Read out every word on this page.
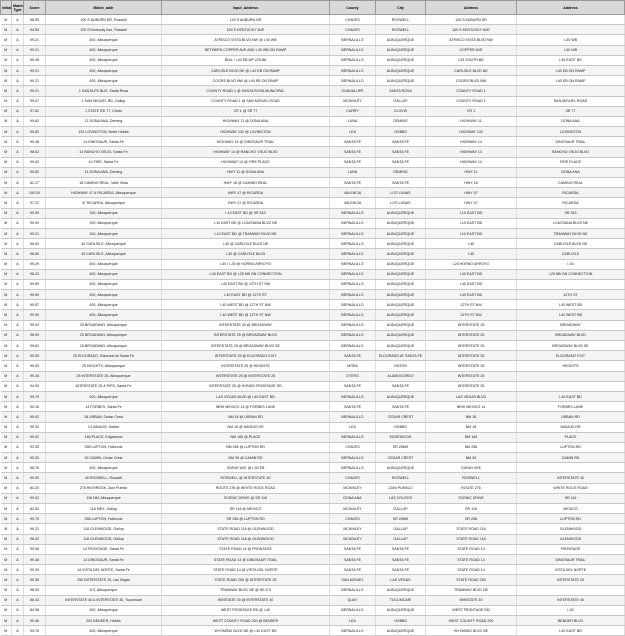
Initial	Match Type	Score	Match_addr	Input_Address	County	City	Address	Address	
M	A	98.55	100 S AUBURN DR, Roswell	100 S AUBURN DR	CHAVES	ROSWELL	100 S AUBURN DR		
M	A	94.55	100 S Kentucky Ave, Roswell	100 S KENTUCKY AVE	CHAVES	ROSWELL	100 S KENTUCKY AVE		
M	A	99.21	400, Albuquerque	ATRISCO VISTA BLVD NW @ I-40 WB	BERNALILLO	ALBUQUERQUE	ATRISCO VISTA BLVD NW	I-40 WB	
M	A	99.21	400, Albuquerque	BETWEEN COPPER AVE AND I-40 WB ON RAMP	BERNALILLO	ALBUQUERQUE	COPPER AVE	I-40 WB	
M	A	99.46	400, Albuquerque	BIAL / I-40 EB MP 225-88	BERNALILLO	ALBUQUERQUE	I-25 SOUTH BD	I-40 EAST BD	
M	A	99.21	400, Albuquerque	CARLISLE BLVD NE @ I-40 EB ON RAMP	BERNALILLO	ALBUQUERQUE	CARLISLE BLVD NE	I-40 EB ON RAMP	
M	A	99.21	400, Albuquerque	COORS BLVD NW @ I-40 EB ON RAMP	BERNALILLO	ALBUQUERQUE	COORS BLVD NW	I-40 EB ON RAMP	
M	A	99.21	1 SANTA FE BUS, Santa Rosa	COUNTY ROAD 1 @ SANTA ROSA MUNICIPAL	GUADALUPE	SANTA ROSA	COUNTY ROAD 1		
M	A	99.07	1 SAN MIGUEL RD, Gallup	COUNTY ROAD 1 @ SAN MIGUEL ROAD	MCKINLEY	GALLUP	COUNTY ROAD 1	SAN MIGUEL ROAD	
M	A	97.62	1 STATE RD 77, Clovis	CR 1 @ SR 77	CURRY	CLOVIS	CR 1	SR 77	
M	A	99.82	11 DONA ANA, Deming	HIGHWAY 11 @ DONA ANA	LUNA	DEMING	HIGHWAY 11	DONA ANA	
M	A	99.62	132 LOVINGTON, North Hobbs	HIGHWAY 132 @ LOVINGTON	LEA	HOBBS	HIGHWAY 132	LOVINGTON	
M	A	99.46	14 DINOSAUR, Santa Fe	HIGHWAY 14 @ DINOSAUR TRAIL	SANTA FE	SANTA FE	HIGHWAY 14	DINOSAUR TRAIL	
M	A	98.62	14 RANCHO VIEJO, Santa Fe	HIGHWAY 14 @ RANCHO VIEJO BLVD	SANTA FE	SANTA FE	HIGHWAY 14	RANCHO VIEJO BLVD	
M	A	99.42	14 FIRE, Santa Fe	HIGHWAY 14 @ FIRE PLACE	SANTA FE	SANTA FE	HIGHWAY 14	FIRE PLACE	
M	A	99.82	11 DONA ANA, Deming	HWY 11 @ DONA ANA	LUNA	DEMING	HWY 11	DONA ANA	
M	A	82.27	18 CAMINO REAL, Valle Vista	HWY 18 @ CAMINO REAL	SANTA FE	SANTA FE	HWY 18	CAMINO REAL	
M	A	100.00	HIGHWAY 47 & RICARDA, Albuquerque	HWY 47 @ RICARDA	VALENCIA	LOS LUNAS	HWY 47	RICARDA	
M	A	97.22	47 RICARDA, Albuquerque	HWY 47 @ RICARDA	VALENCIA	LOS LUNAS	HWY 47	RICARDA	
M	A	99.09	100, Albuquerque	I-10 EAST BD @ SR 343	BERNALILLO	ALBUQUERQUE	I-10 EAST BD	SR 343	
M	A	99.09	100, Albuquerque	I-10 EAST BD @ LOUISIANA BLVD NE	BERNALILLO	ALBUQUERQUE	I-10 EAST BD	LOUISIANA BLVD NE	
M	A	99.21	100, Albuquerque	I-10 EAST BD @ TRAMWAY BLVD NE	BERNALILLO	ALBUQUERQUE	I-10 EAST BD	TRAMWAY BLVD NE	
M	A	96.60	40 CARLISLE, Albuquerque	I-40 @ CARLISLE BLVD NE	BERNALILLO	ALBUQUERQUE	I-40	CARLISLE BLVD NE	
M	A	98.80	40 CARLISLE, Albuquerque	I-40 @ CARLISLE BLVD	BERNALILLO	ALBUQUERQUE	I-40	CARLISLE	
M	A	99.29	400, Albuquerque	I-40 / I-25 @ HORNO ARROYO	BERNALILLO	ALBUQUERQUE	I-25 HORNO ARROYO	I-40	
M	A	98.23	400, Albuquerque	I-40 EAST BD @ I-25 NB ON CONNECTION	BERNALILLO	ALBUQUERQUE	I-40 EAST BD	I-25 NB ON CONNECTION	
M	A	99.89	400, Albuquerque	I-40 EAST BD @ 12TH ST NW	BERNALILLO	ALBUQUERQUE	I-40 EAST BD		
M	A	99.69	400, Albuquerque	I-40 EAST BD @ 12TH ST	BERNALILLO	ALBUQUERQUE	I-40 EAST BD	12TH ST	
M	A	99.57	400, Albuquerque	I-40 WEST BD @ 12TH ST NW	BERNALILLO	ALBUQUERQUE	12TH ST NW	I-40 WEST BD	
M	A	99.90	400, Albuquerque	I-40 WEST BD @ 12TH ST NW	BERNALILLO	ALBUQUERQUE	12TH ST NW	I-40 WEST BD	
M	A	99.03	25 BROADWAY, Albuquerque	INTERSTATE 25 @ BROADWAY	BERNALILLO	ALBUQUERQUE	INTERSTATE 25	BROADWAY	
M	A	98.90	25 BROADWAY, Albuquerque	INTERSTATE 25 @ BROADWAY BLVD	BERNALILLO	ALBUQUERQUE	INTERSTATE 25	BROADWAY BLVD	
M	A	99.63	25 BROADWAY, Albuquerque	INTERSTATE 25 @ BROADWAY BLVD SE	BERNALILLO	ALBUQUERQUE	INTERSTATE 25	BROADWAY BLVD SE	
M	A	99.05	25 ELDORADO, Eldorado at Santa Fe	INTERSTATE 25 @ ELDORADO EXIT	SANTA FE	ELDORADO AT SANTA FE	INTERSTATE 25	ELDORADO EXIT	
M	A	99.05	25 HEIGHTS, Albuquerque	INTERSTATE 25 @ HEIGHTS	MORA	RATON	INTERSTATE 25	HEIGHTS	
M	A	99.28	25 INTERSTATE 25, Albuquerque	INTERSTATE 25 @ INTERSTATE 25	OTERO	ALAMOGORDO	INTERSTATE 25		
M	A	94.09	INTERSTATE 25 & PIPS, Santa Fe	INTERSTATE 25 @ HONDO FRONTAGE RD	SANTA FE	SANTA FE	INTERSTATE 25		
M	A	99.79	400, Albuquerque	LAS VEGAS BLVD @ I-40 EAST BD	BERNALILLO	ALBUQUERQUE	LAS VEGAS BLVD	I-40 EAST BD	
M	A	99.16	14 FORBES, Santa Fe	NEW MEXICO 14 @ FORBES LANE	SANTA FE	SANTA FE	NEW MEXICO 14	FORBES LANE	
M	A	99.02	18 URBAN, Cedar Crest	NM 18 @ URBAN RD	BERNALILLO	CEDAR CREST	NM 18	URBAN RD	
M	A	99.32	14 NAVAJO, Hobbs	NM 18 @ NAVAJO DR	LEA	HOBBS	NM 18	NAVAJO DR	
M	A	99.02	165 PLACE, Edgewood	NM 165 @ PLACE	BERNALILLO	EDGEWOOD	NM 165	PLACE	
M	A	92.05	256 LUPTON, Holbrook	NM 256 @ LUPTON RD	CHAVES	SR 256W	NM 256	LUPTON RD	
M	A	99.20	39 CAMIN, Cedar Crest	NM 39 @ CAMIN RD	BERNALILLO	CEDAR CREST	NM 39	CAMIN RD	
M	A	96.76	400, Albuquerque	OURAY AVE @ I-40 EB	BERNALILLO	ALBUQUERQUE	OURAY AVE		
M	A	99.00	40 ROSWELL, Roswell	ROSWELL @ INTERSTATE 40	CHAVES	ROSWELL	ROSWELL	INTERSTATE 40	
M	A	83.20	276 HIGHROCK, Zuni Pueblo	ROUTE 276 @ WHITE ROCK ROAD	MCKINLEY	ZUNI PUEBLO	ROUTE 276	WHITE ROCK ROAD	
M	A	99.02	116 NM, Albuquerque	SCENIC DRIVE @ SR 116	DONA ANA	LAS CRUCES	SCENIC DRIVE	SR 116	
M	A	82.63	118 MEX, Gallup	SR 118 @ MEXICO	MCKINLEY	GALLUP	SR 118	MEXICO	
M	A	99.70	256 LUPTON, Holbrook	SR 256 @ LUPTON RD	CHAVES	SR 256W	SR 256	LUPTON RD	
M	A	99.21	118 GLENWOOD, Gallup	STATE ROAD 118 @ GLENWOOD	MCKINLEY	GALLUP	STATE ROAD 118	GLENWOOD	
M	A	98.02	118 GLENWOOD, Gallup	STATE ROAD 118 @ GLENWOOD	MCKINLEY	GALLUP	STATE ROAD 118	GLENWOOD	
M	A	99.96	14 FRONTAGE, Santa Fe	STATE ROAD 14 @ FRONTAGE	SANTA FE	SANTA FE	STATE ROAD 14	FRONTAGE	
M	A	99.48	14 DINOSAUR, Santa Fe	STATE ROAD 14 @ DINOSAUR TRAIL	SANTA FE	SANTA FE	STATE ROAD 14	DINOSAUR TRAIL	
M	A	99.30	14 VISTA DEL NORTE, Santa Fe	STATE ROAD 14 @ VISTA DEL NORTE	SANTA FE	SANTA FE	STATE ROAD 14	VISTA DEL NORTE	
M	A	99.35	250 INTERSTATE 25, Las Vegas	STATE ROAD 250 @ INTERSTATE 25	SAN MIGUEL	LAS VEGAS	STATE ROAD 250	INTERSTATE 25	
M	A	98.09	8 S, Albuquerque	TRAMWAY BLVD NE @ NE 8 S	BERNALILLO	ALBUQUERQUE	TRAMWAY BLVD NE		
M	A	86.43	INTERSTATE 40 & INTERSTATE 40, Tucumcari	WINSTATE 40 @ INTERSTATE 40	QUAY	TUCUMCARI	WINSTATE 40	INTERSTATE 40	
M	A	84.58	400, Albuquerque	WEST FRONTAGE RD @ I-40	BERNALILLO	ALBUQUERQUE	WEST FRONTAGE RD	I-40	
M	A	99.46	200 BENDER, Hobbs	WEST COUNTY ROAD 200 @ BENDER	LEA	HOBBS	WEST COUNTY ROAD 200	BENDER BLVD	
M	A	99.78	400, Albuquerque	WYOMING BLVD NE @ I-40 EAST BD	BERNALILLO	ALBUQUERQUE	WYOMING BLVD NE	I-40 EAST BD	
